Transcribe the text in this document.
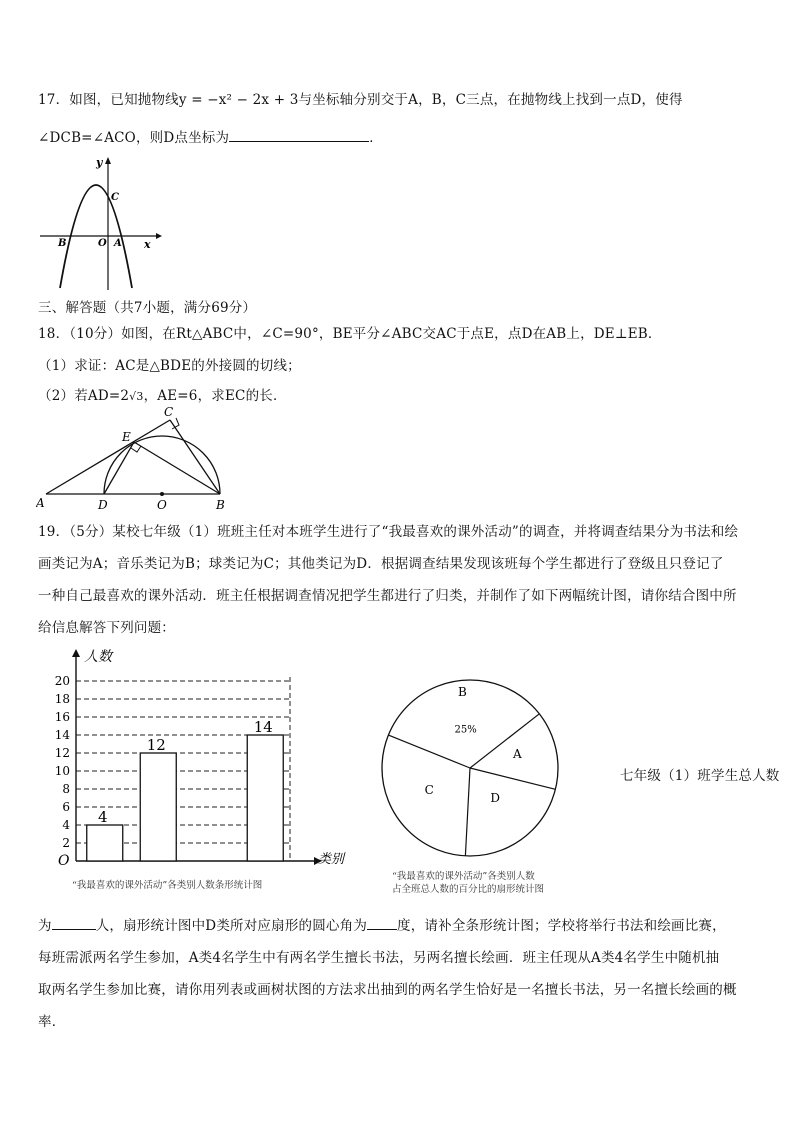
17．如图，已知抛物线y = −x² − 2x + 3与坐标轴分别交于A，B，C三点，在抛物线上找到一点D，使得
∠DCB=∠ACO，则D点坐标为	．
y
x
C
B	O A
三、解答题（共7小题，满分69分）
18．（10分）如图，在Rt△ABC中，∠C=90°，BE平分∠ABC交AC于点E，点D在AB上，DE⊥EB．
（1）求证：AC是△BDE的外接圆的切线；
（2）若AD=2√3，AE=6，求EC的长．
A	B
C
D
E
O
19．（5分）某校七年级（1）班班主任对本班学生进行了“我最喜欢的课外活动”的调查，并将调查结果分为书法和绘
画类记为A；音乐类记为B；球类记为C；其他类记为D．根据调查结果发现该班每个学生都进行了登级且只登记了
一种自己最喜欢的课外活动．班主任根据调查情况把学生都进行了归类，并制作了如下两幅统计图，请你结合图中所
给信息解答下列问题：
2
4
6
8
10
12
14
16
18
20
人数
类别
O
4
12
14
“我最喜欢的课外活动”各类别人数条形统计图
B
A
D
C
25%
“我最喜欢的课外活动”各类别人数
占全班总人数的百分比的扇形统计图
七年级（1）班学生总人数
为	人，扇形统计图中D类所对应扇形的圆心角为 度，请补全条形统计图；学校将举行书法和绘画比赛，
每班需派两名学生参加，A类4名学生中有两名学生擅长书法，另两名擅长绘画．班主任现从A类4名学生中随机抽
取两名学生参加比赛，请你用列表或画树状图的方法求出抽到的两名学生恰好是一名擅长书法，另一名擅长绘画的概
率．
